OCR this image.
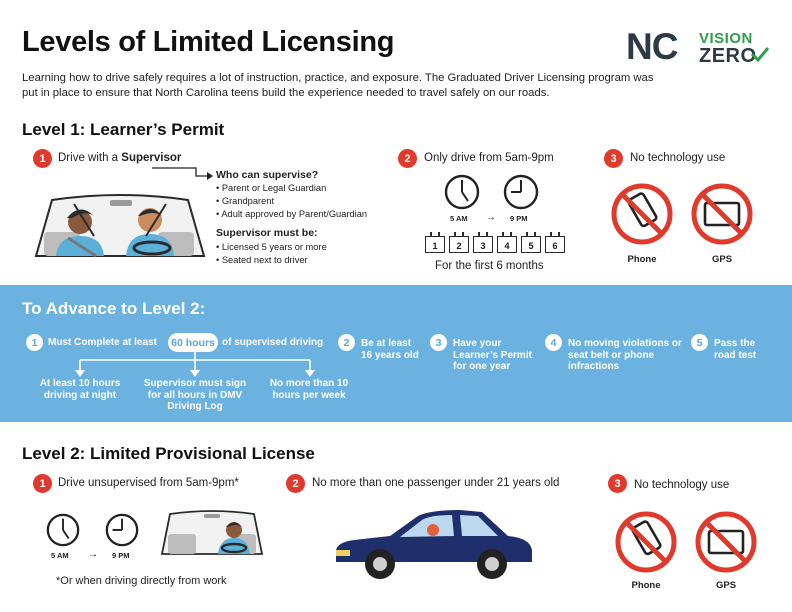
Levels of Limited Licensing
Learning how to drive safely requires a lot of instruction, practice, and exposure. The Graduated Driver Licensing program was put in place to ensure that North Carolina teens build the experience needed to travel safely on our roads.
NC VISION
ZERO
Level 1: Learner’s Permit
1	Drive with a Supervisor
Who can supervise?
• Parent or Legal Guardian
• Grandparent
• Adult approved by Parent/Guardian
Supervisor must be:
• Licensed 5 years or more
• Seated next to driver
2	Only drive from 5am-9pm
5 AM → 9 PM
1	2	3	4	5	6
For the first 6 months
3	No technology use
Phone	GPS
To Advance to Level 2:
1	Must Complete at least 60 hours of supervised driving
At least 10 hours driving at night
Supervisor must sign for all hours in DMV Driving Log
No more than 10 hours per week
2	Be at least 16 years old
3	Have your Learner’s Permit for one year
4	No moving violations or seat belt or phone infractions
5	Pass the road test
Level 2: Limited Provisional License
1	Drive unsupervised from 5am-9pm*
5 AM → 9 PM
*Or when driving directly from work
2	No more than one passenger under 21 years old	3	No technology use
Phone	GPS
